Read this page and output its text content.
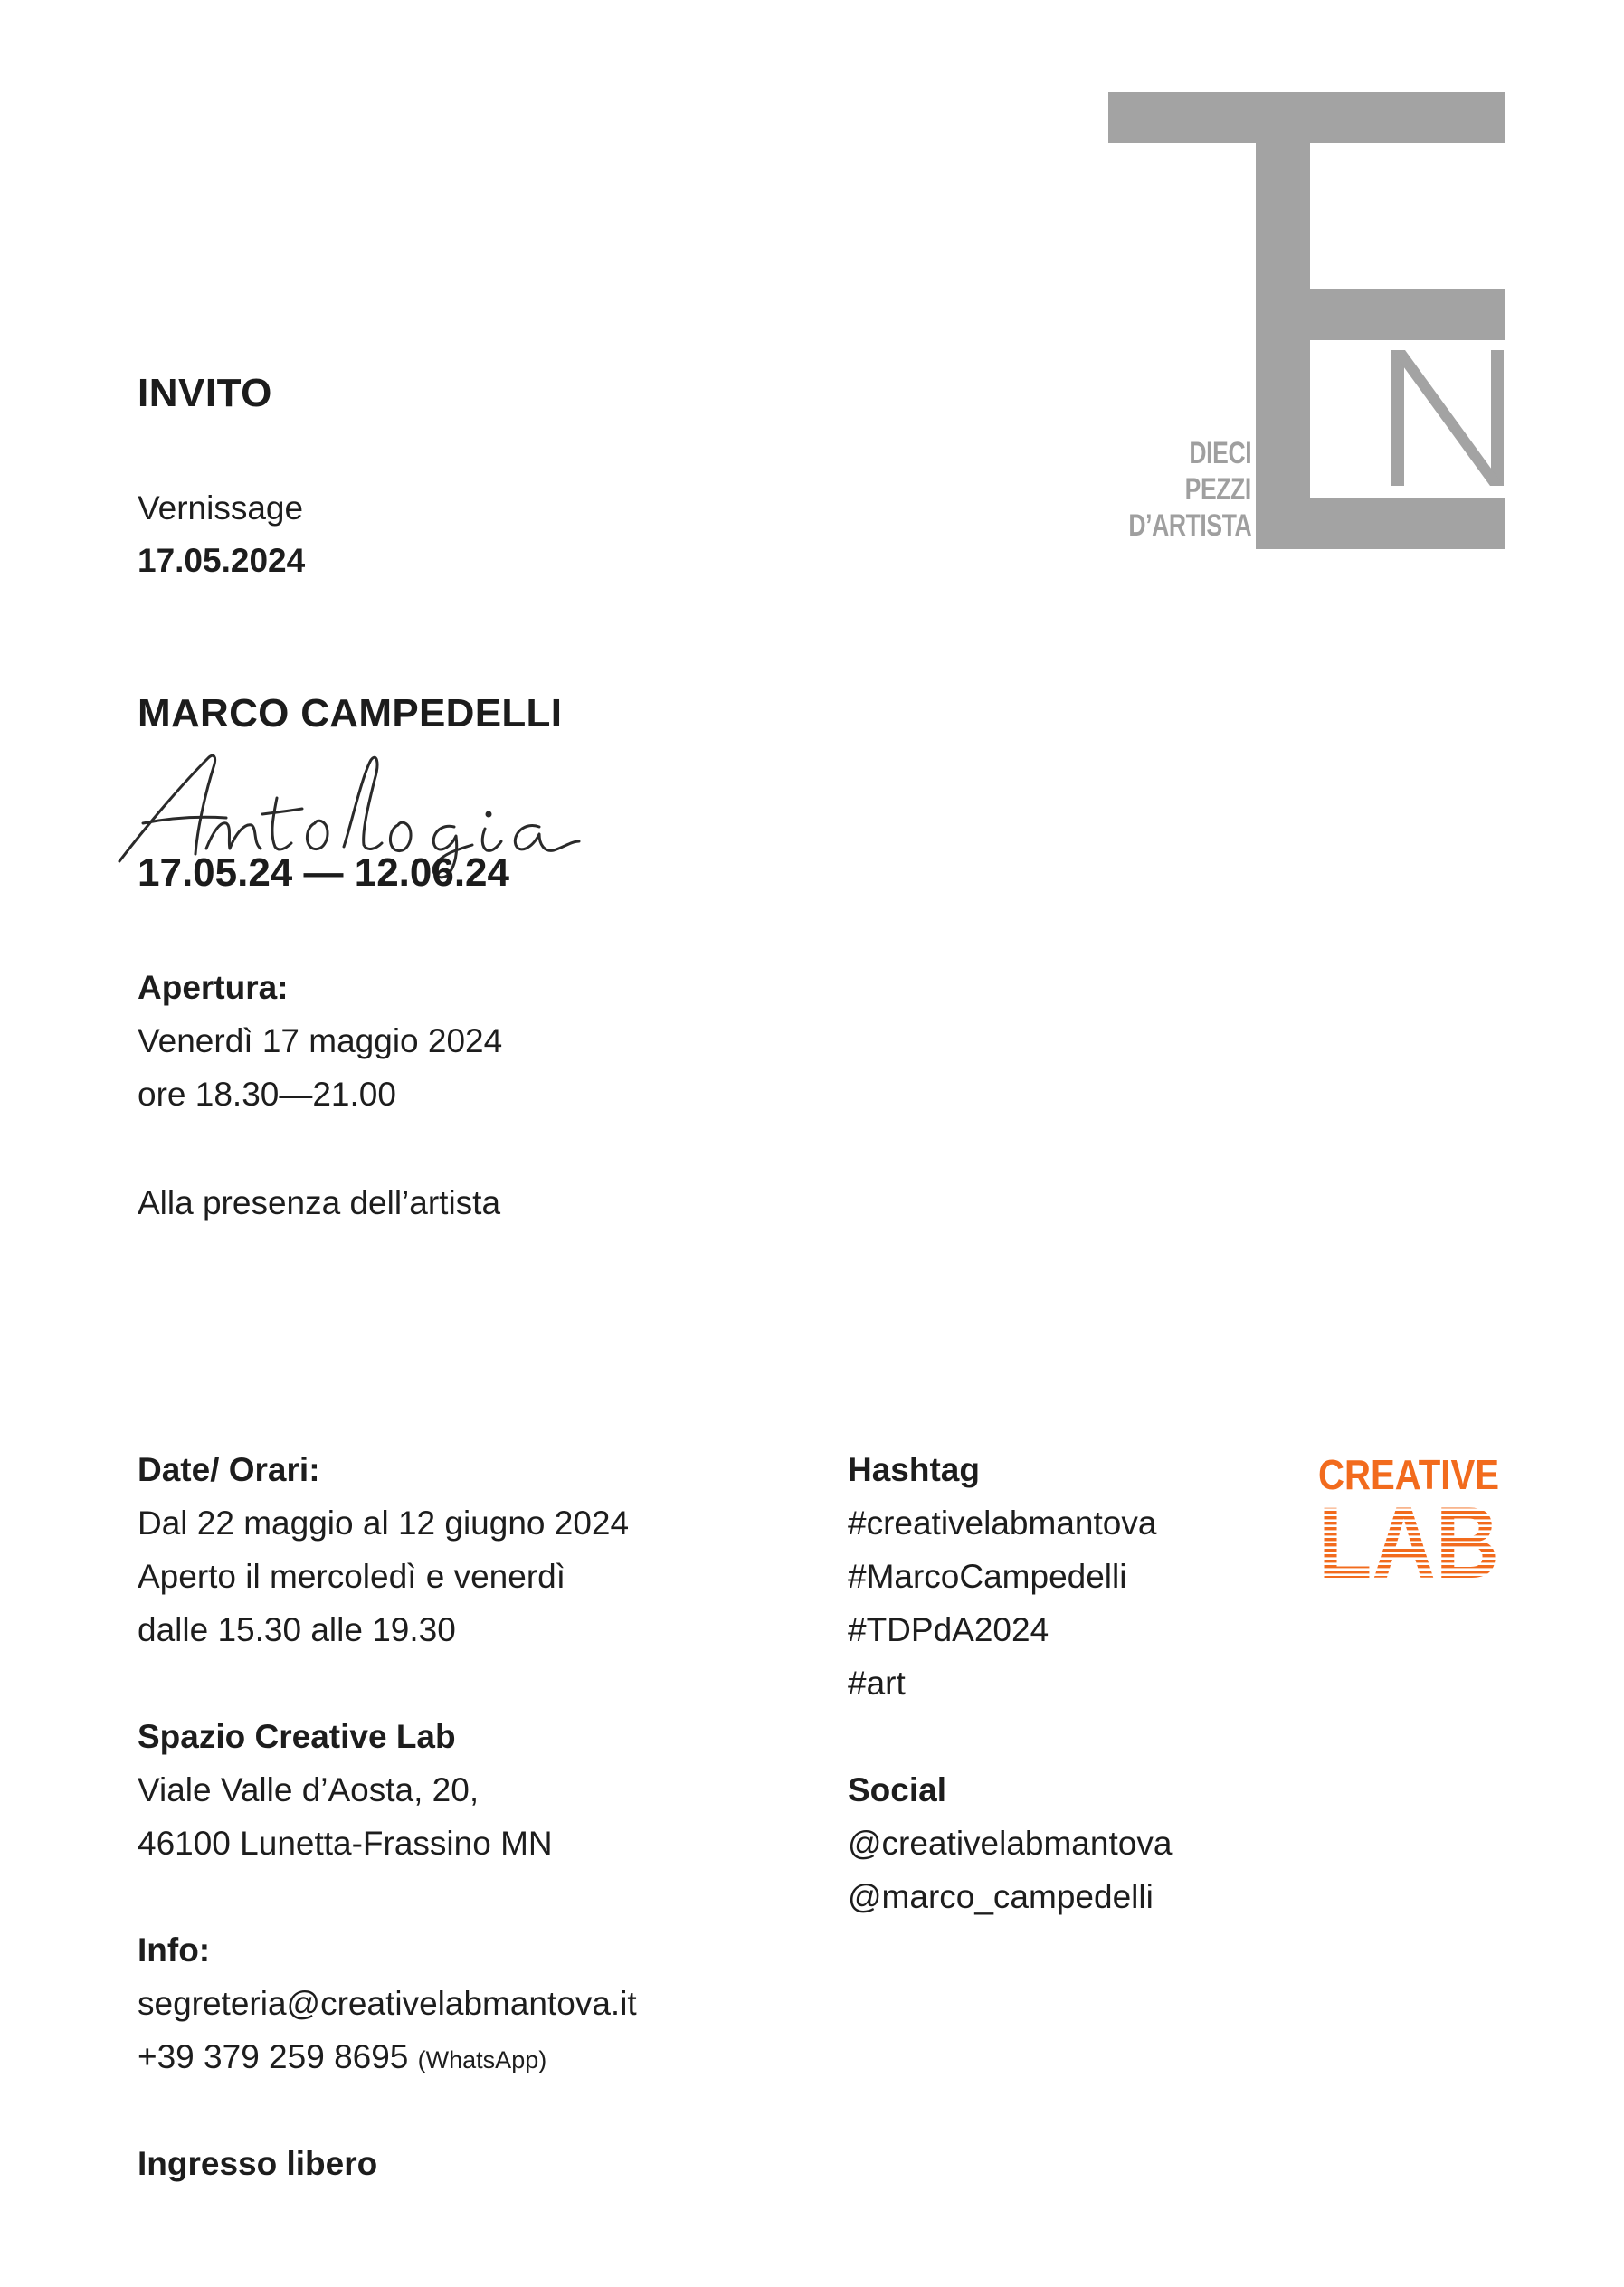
DIECI
PEZZI
D’ARTISTA
INVITO
Vernissage
17.05.2024
MARCO CAMPEDELLI
17.05.24 — 12.06.24
Apertura:
Venerdì 17 maggio 2024
ore 18.30—21.00
Alla presenza dell’artista
Date/ Orari:
Dal 22 maggio al 12 giugno 2024
Aperto il mercoledì e venerdì
dalle 15.30 alle 19.30
Spazio Creative Lab
Viale Valle d’Aosta, 20,
46100 Lunetta-Frassino MN
Info:
segreteria@creativelabmantova.it
+39 379 259 8695 (WhatsApp)
Ingresso libero
Hashtag
#creativelabmantova
#MarcoCampedelli
#TDPdA2024
#art
Social
@creativelabmantova
@marco_campedelli
CREATIVE
LAB
